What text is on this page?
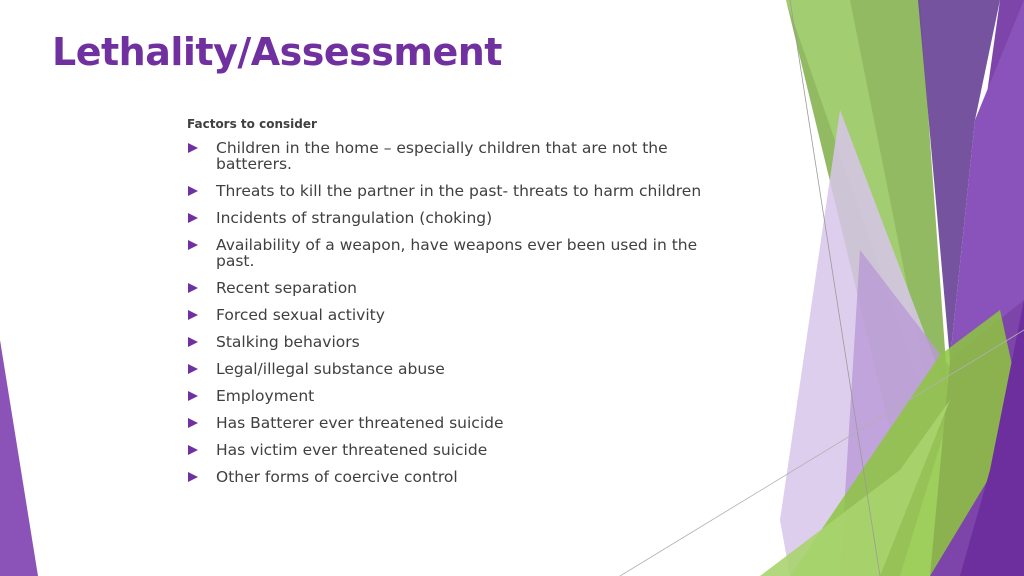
Lethality/Assessment
Factors to consider
Children in the home – especially children that are not the batterers.
Threats to kill the partner in the past- threats to harm children
Incidents of strangulation (choking)
Availability of a weapon, have weapons ever been used in the past.
Recent separation
Forced sexual activity
Stalking behaviors
Legal/illegal substance abuse
Employment
Has Batterer ever threatened suicide
Has victim ever threatened suicide
Other forms of coercive control
